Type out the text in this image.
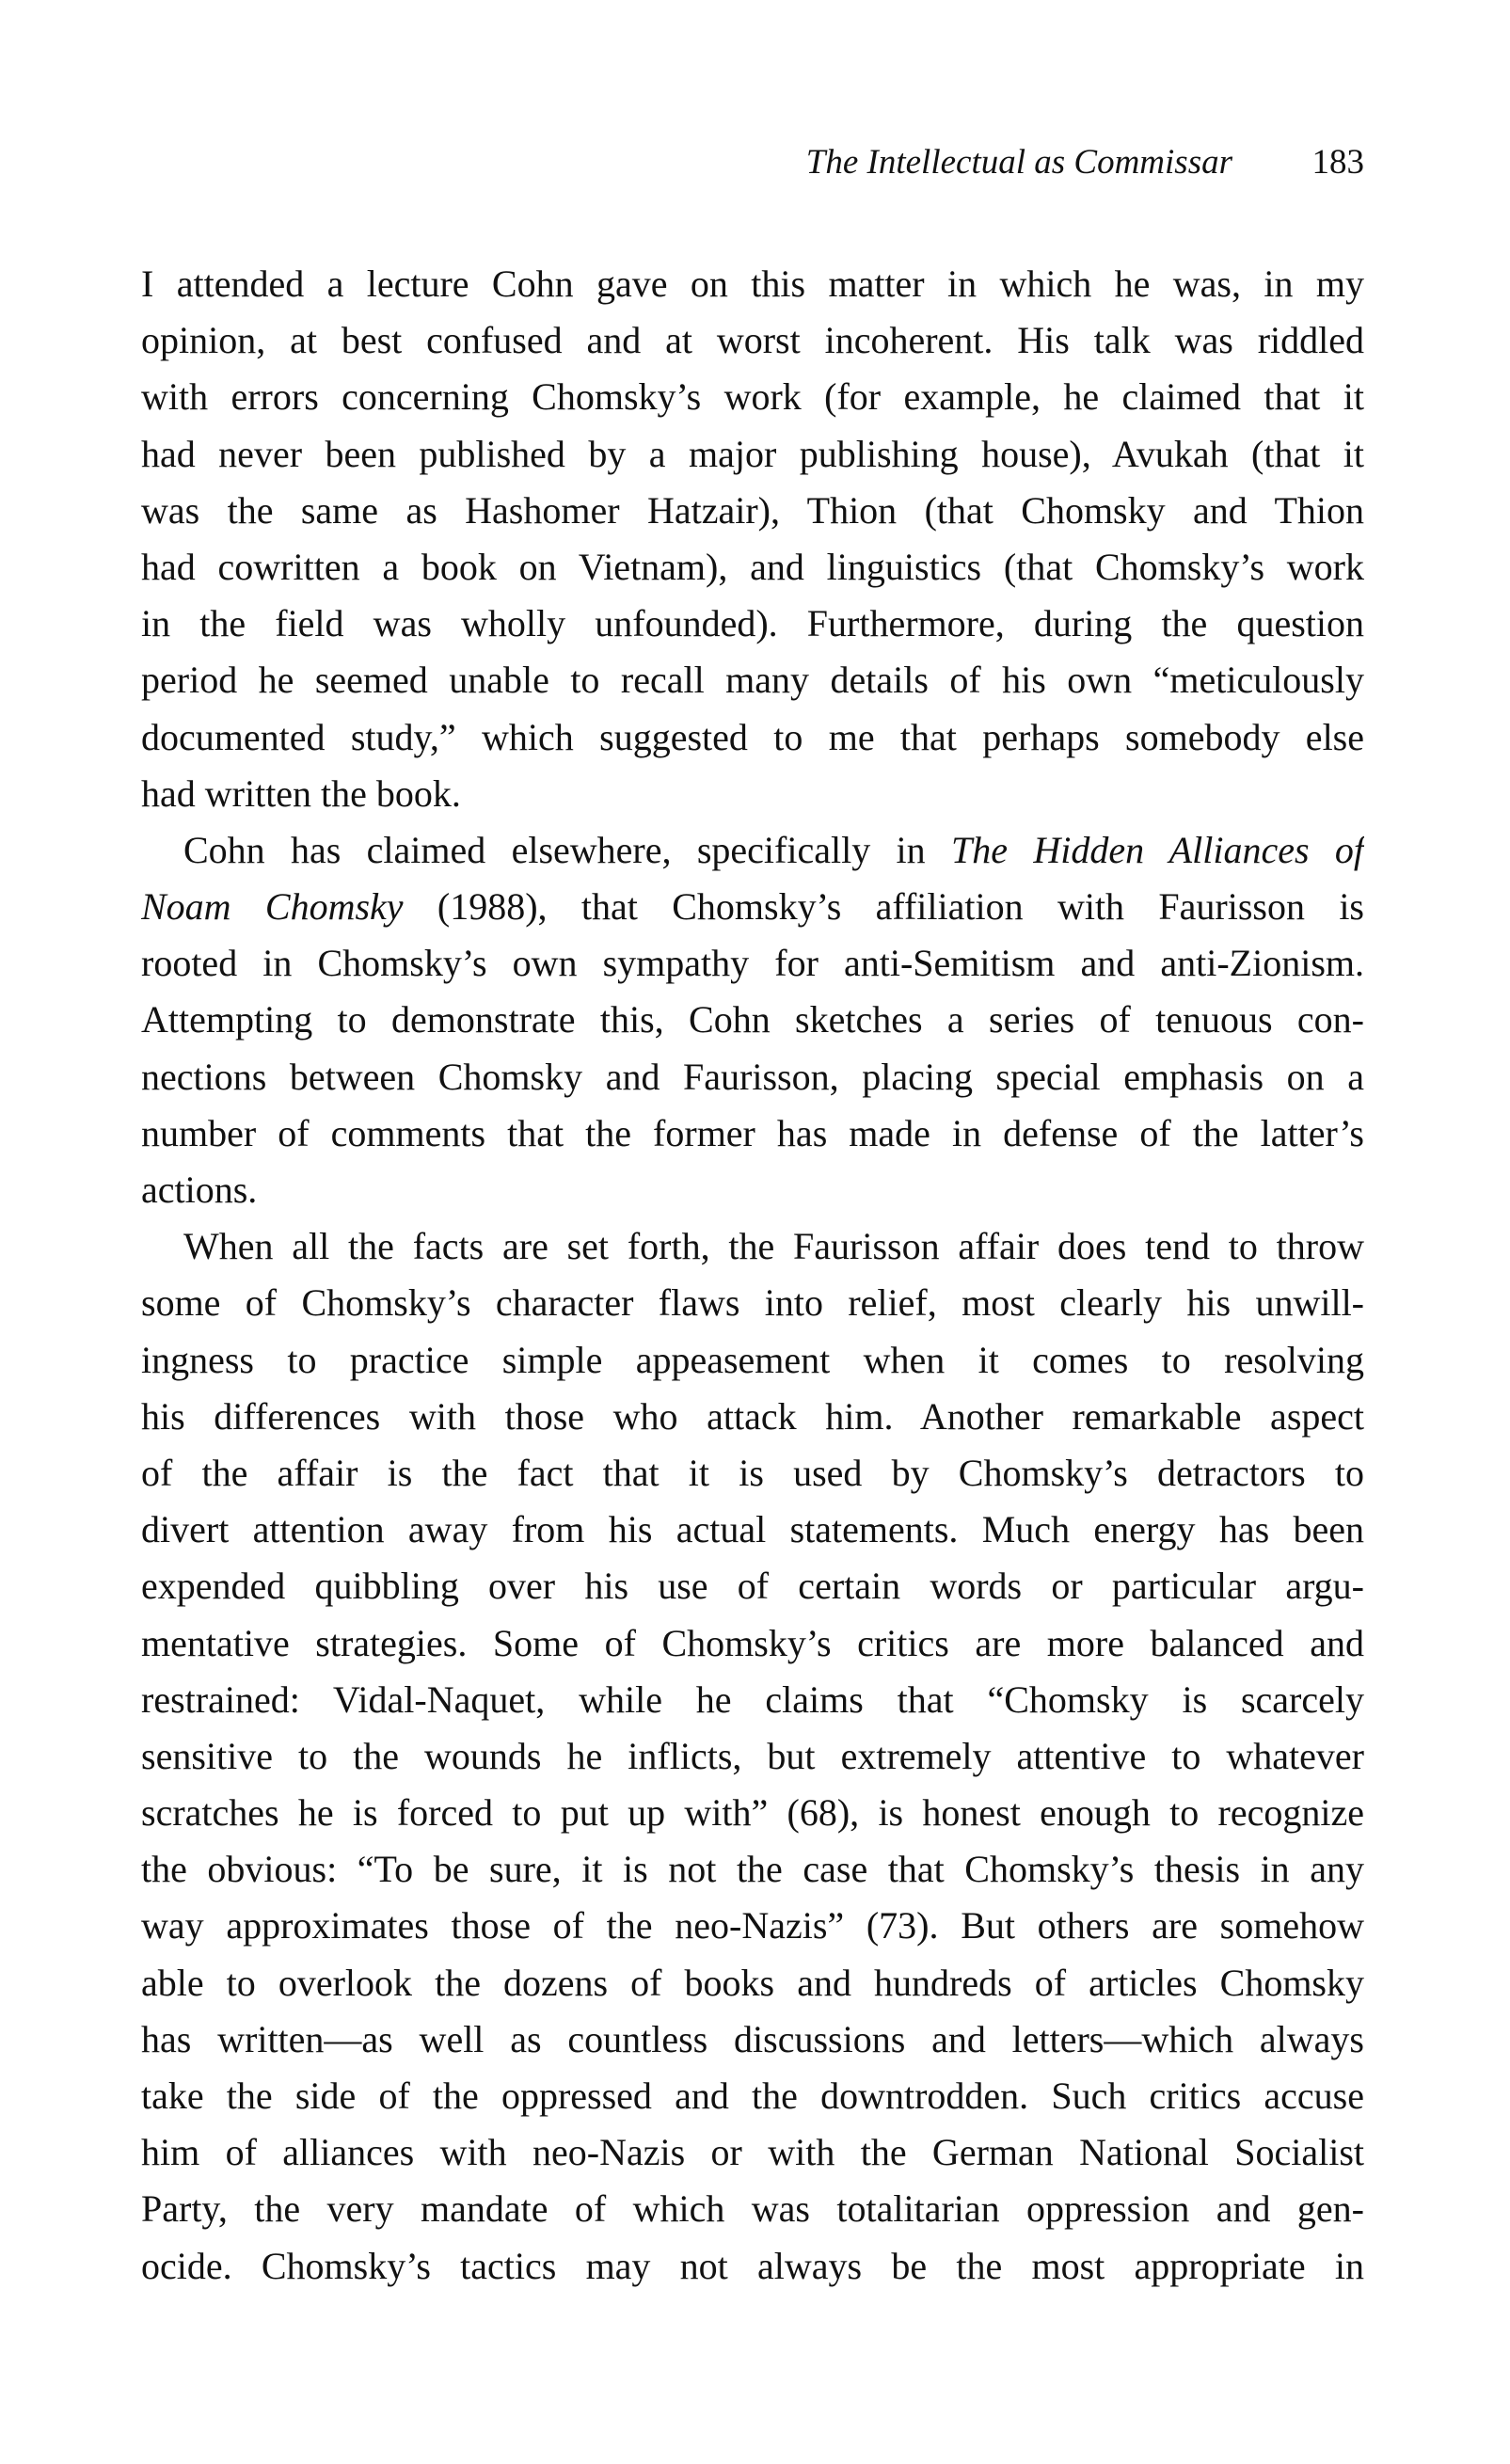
The Intellectual as Commissar 183
I attended a lecture Cohn gave on this matter in which he was, in my
opinion, at best confused and at worst incoherent. His talk was riddled
with errors concerning Chomsky’s work (for example, he claimed that it
had never been published by a major publishing house), Avukah (that it
was the same as Hashomer Hatzair), Thion (that Chomsky and Thion
had cowritten a book on Vietnam), and linguistics (that Chomsky’s work
in the field was wholly unfounded). Furthermore, during the question
period he seemed unable to recall many details of his own “meticulously
documented study,” which suggested to me that perhaps somebody else
had written the book.
Cohn has claimed elsewhere, specifically in The Hidden Alliances of
Noam Chomsky (1988), that Chomsky’s affiliation with Faurisson is
rooted in Chomsky’s own sympathy for anti-Semitism and anti-Zionism.
Attempting to demonstrate this, Cohn sketches a series of tenuous con-
nections between Chomsky and Faurisson, placing special emphasis on a
number of comments that the former has made in defense of the latter’s
actions.
When all the facts are set forth, the Faurisson affair does tend to throw
some of Chomsky’s character flaws into relief, most clearly his unwill-
ingness to practice simple appeasement when it comes to resolving
his differences with those who attack him. Another remarkable aspect
of the affair is the fact that it is used by Chomsky’s detractors to
divert attention away from his actual statements. Much energy has been
expended quibbling over his use of certain words or particular argu-
mentative strategies. Some of Chomsky’s critics are more balanced and
restrained: Vidal-Naquet, while he claims that “Chomsky is scarcely
sensitive to the wounds he inflicts, but extremely attentive to whatever
scratches he is forced to put up with” (68), is honest enough to recognize
the obvious: “To be sure, it is not the case that Chomsky’s thesis in any
way approximates those of the neo-Nazis” (73). But others are somehow
able to overlook the dozens of books and hundreds of articles Chomsky
has written—as well as countless discussions and letters—which always
take the side of the oppressed and the downtrodden. Such critics accuse
him of alliances with neo-Nazis or with the German National Socialist
Party, the very mandate of which was totalitarian oppression and gen-
ocide. Chomsky’s tactics may not always be the most appropriate in
